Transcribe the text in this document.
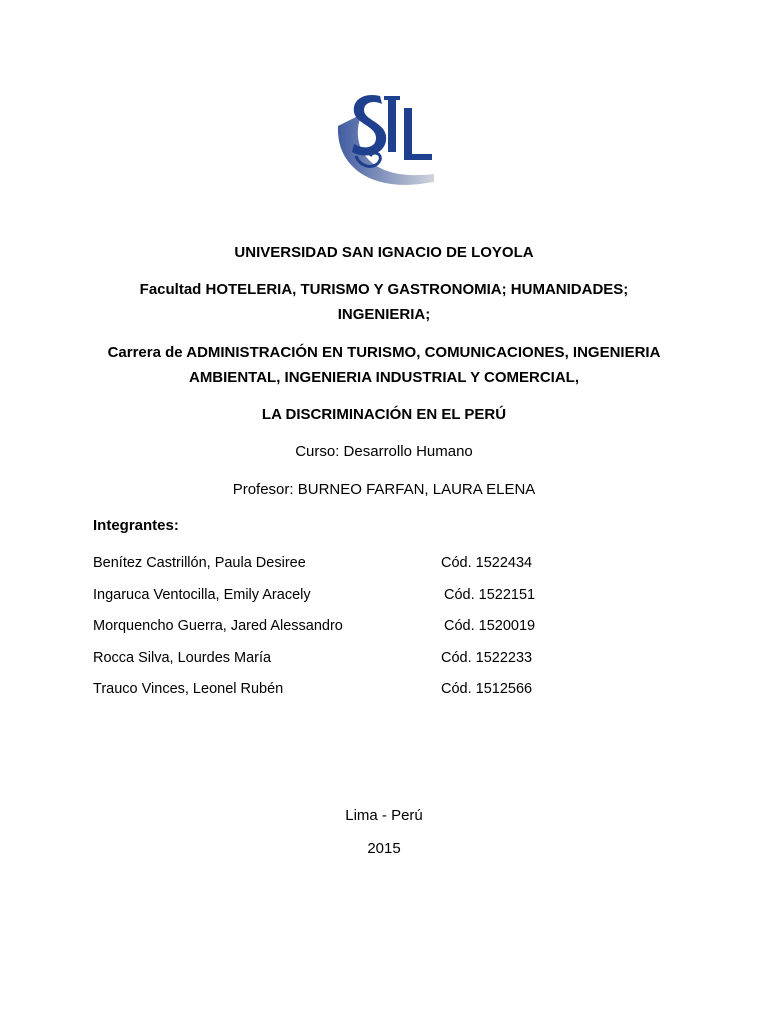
UNIVERSIDAD SAN IGNACIO DE LOYOLA
Facultad HOTELERIA, TURISMO Y GASTRONOMIA; HUMANIDADES;
INGENIERIA;
Carrera de ADMINISTRACIÓN EN TURISMO, COMUNICACIONES, INGENIERIA
AMBIENTAL, INGENIERIA INDUSTRIAL Y COMERCIAL,
LA DISCRIMINACIÓN EN EL PERÚ
Curso: Desarrollo Humano
Profesor: BURNEO FARFAN, LAURA ELENA
Integrantes:
Benítez Castrillón, Paula Desiree	Cód. 1522434
Ingaruca Ventocilla, Emily Aracely	Cód. 1522151
Morquencho Guerra, Jared Alessandro	Cód. 1520019
Rocca Silva, Lourdes María	Cód. 1522233
Trauco Vinces, Leonel Rubén	Cód. 1512566
Lima - Perú
2015
